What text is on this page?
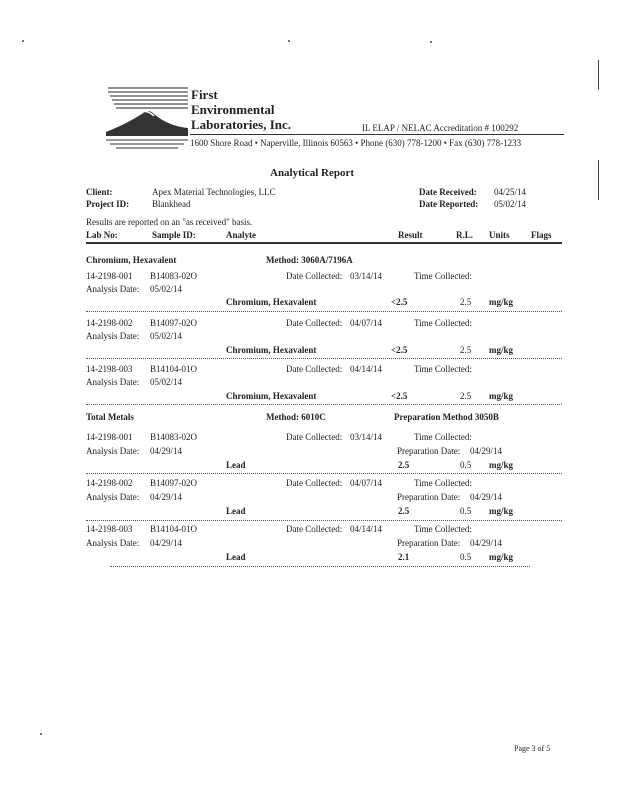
First
Environmental
Laboratories, Inc.	IL ELAP / NELAC Accreditation # 100292
1600 Shore Road • Naperville, Illinois 60563 • Phone (630) 778-1200 • Fax (630) 778-1233
Analytical Report
Client:	Apex Material Technologies, LLC
Project ID:	Blankhead
Date Received: 04/25/14
Date Reported: 05/02/14
Results are reported on an "as received" basis.
Lab No:	Sample ID:	Analyte	Result	R.L. Units Flags
Chromium, Hexavalent	Method: 3060A/7196A
14-2198-001 B14083-02O	Date Collected: 03/14/14	Time Collected:
Analysis Date: 05/02/14
Chromium, Hexavalent	<2.5	2.5 mg/kg
14-2198-002 B14097-02O	Date Collected: 04/07/14	Time Collected:
Analysis Date: 05/02/14
Chromium, Hexavalent	<2.5	2.5 mg/kg
14-2198-003 B14104-01O	Date Collected: 04/14/14	Time Collected:
Analysis Date: 05/02/14
Chromium, Hexavalent	<2.5	2.5 mg/kg
Total Metals	Method: 6010C	Preparation Method 3050B
14-2198-001 B14083-02O	Date Collected: 03/14/14	Time Collected:
Analysis Date: 04/29/14	Preparation Date: 04/29/14
Lead	2.5	0.5 mg/kg
14-2198-002 B14097-02O	Date Collected: 04/07/14	Time Collected:
Analysis Date: 04/29/14	Preparation Date: 04/29/14
Lead	2.5	0.5 mg/kg
14-2198-003 B14104-01O	Date Collected: 04/14/14	Time Collected:
Analysis Date: 04/29/14	Preparation Date: 04/29/14
Lead	2.1	0.5 mg/kg
Page 3 of 5
